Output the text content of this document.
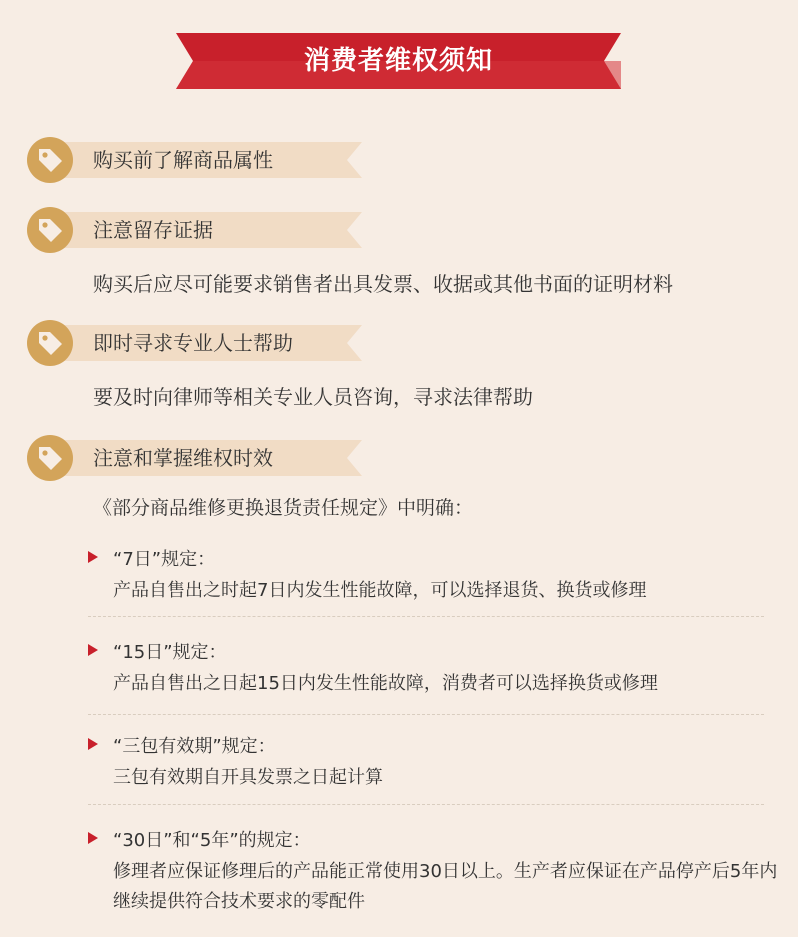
消费者维权须知
购买前了解商品属性
注意留存证据
购买后应尽可能要求销售者出具发票、收据或其他书面的证明材料
即时寻求专业人士帮助
要及时向律师等相关专业人员咨询，寻求法律帮助
注意和掌握维权时效
《部分商品维修更换退货责任规定》中明确：
“7日”规定：
产品自售出之时起7日内发生性能故障，可以选择退货、换货或修理
“15日”规定：
产品自售出之日起15日内发生性能故障，消费者可以选择换货或修理
“三包有效期”规定：
三包有效期自开具发票之日起计算
“30日”和“5年”的规定：
修理者应保证修理后的产品能正常使用30日以上。生产者应保证在产品停产后5年内继续提供符合技术要求的零配件
